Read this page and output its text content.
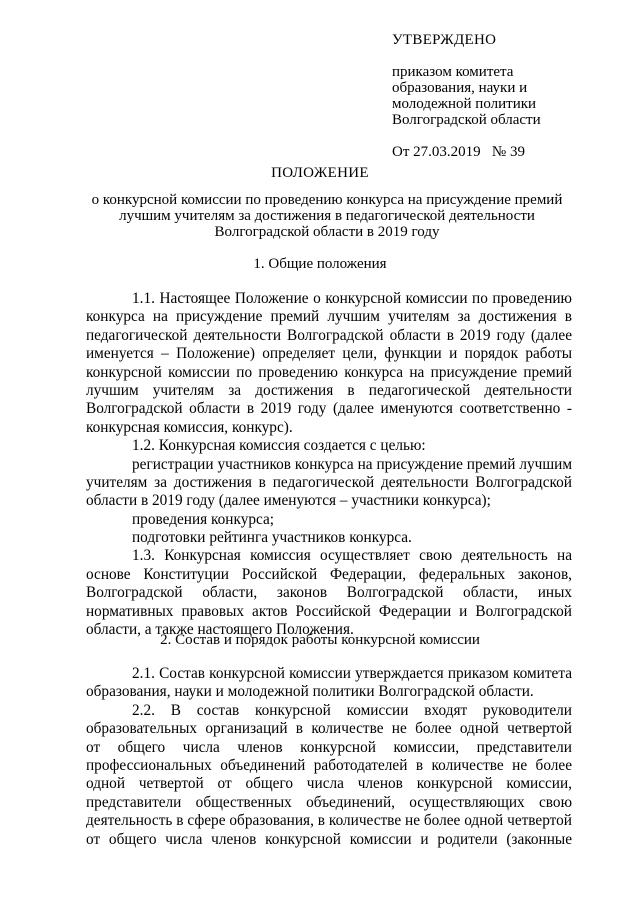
УТВЕРЖДЕНО
приказом комитета
образования, науки и
молодежной политики
Волгоградской области
От 27.03.2019   № 39
ПОЛОЖЕНИЕ
о конкурсной комиссии по проведению конкурса на присуждение премий
лучшим учителям за достижения в педагогической деятельности
Волгоградской области в 2019 году
1. Общие положения
1.1. Настоящее Положение о конкурсной комиссии по проведению
конкурса на присуждение премий лучшим учителям за достижения в
педагогической деятельности Волгоградской области в 2019 году (далее
именуется – Положение) определяет цели, функции и порядок работы
конкурсной комиссии по проведению конкурса на присуждение премий
лучшим учителям за достижения в педагогической деятельности
Волгоградской области в 2019 году (далее именуются соответственно -
конкурсная комиссия, конкурс).
1.2. Конкурсная комиссия создается с целью:
регистрации участников конкурса на присуждение премий лучшим
учителям за достижения в педагогической деятельности Волгоградской
области в 2019 году (далее именуются – участники конкурса);
проведения конкурса;
подготовки рейтинга участников конкурса.
1.3. Конкурсная комиссия осуществляет свою деятельность на
основе Конституции Российской Федерации, федеральных законов,
Волгоградской области, законов Волгоградской области, иных
нормативных правовых актов Российской Федерации и Волгоградской
области, а также настоящего Положения.
2. Состав и порядок работы конкурсной комиссии
2.1. Состав конкурсной комиссии утверждается приказом комитета
образования, науки и молодежной политики Волгоградской области.
2.2. В состав конкурсной комиссии входят руководители
образовательных организаций в количестве не более одной четвертой
от общего числа членов конкурсной комиссии, представители
профессиональных объединений работодателей в количестве не более
одной четвертой от общего числа членов конкурсной комиссии,
представители общественных объединений, осуществляющих свою
деятельность в сфере образования, в количестве не более одной четвертой
от общего числа членов конкурсной комиссии и родители (законные
